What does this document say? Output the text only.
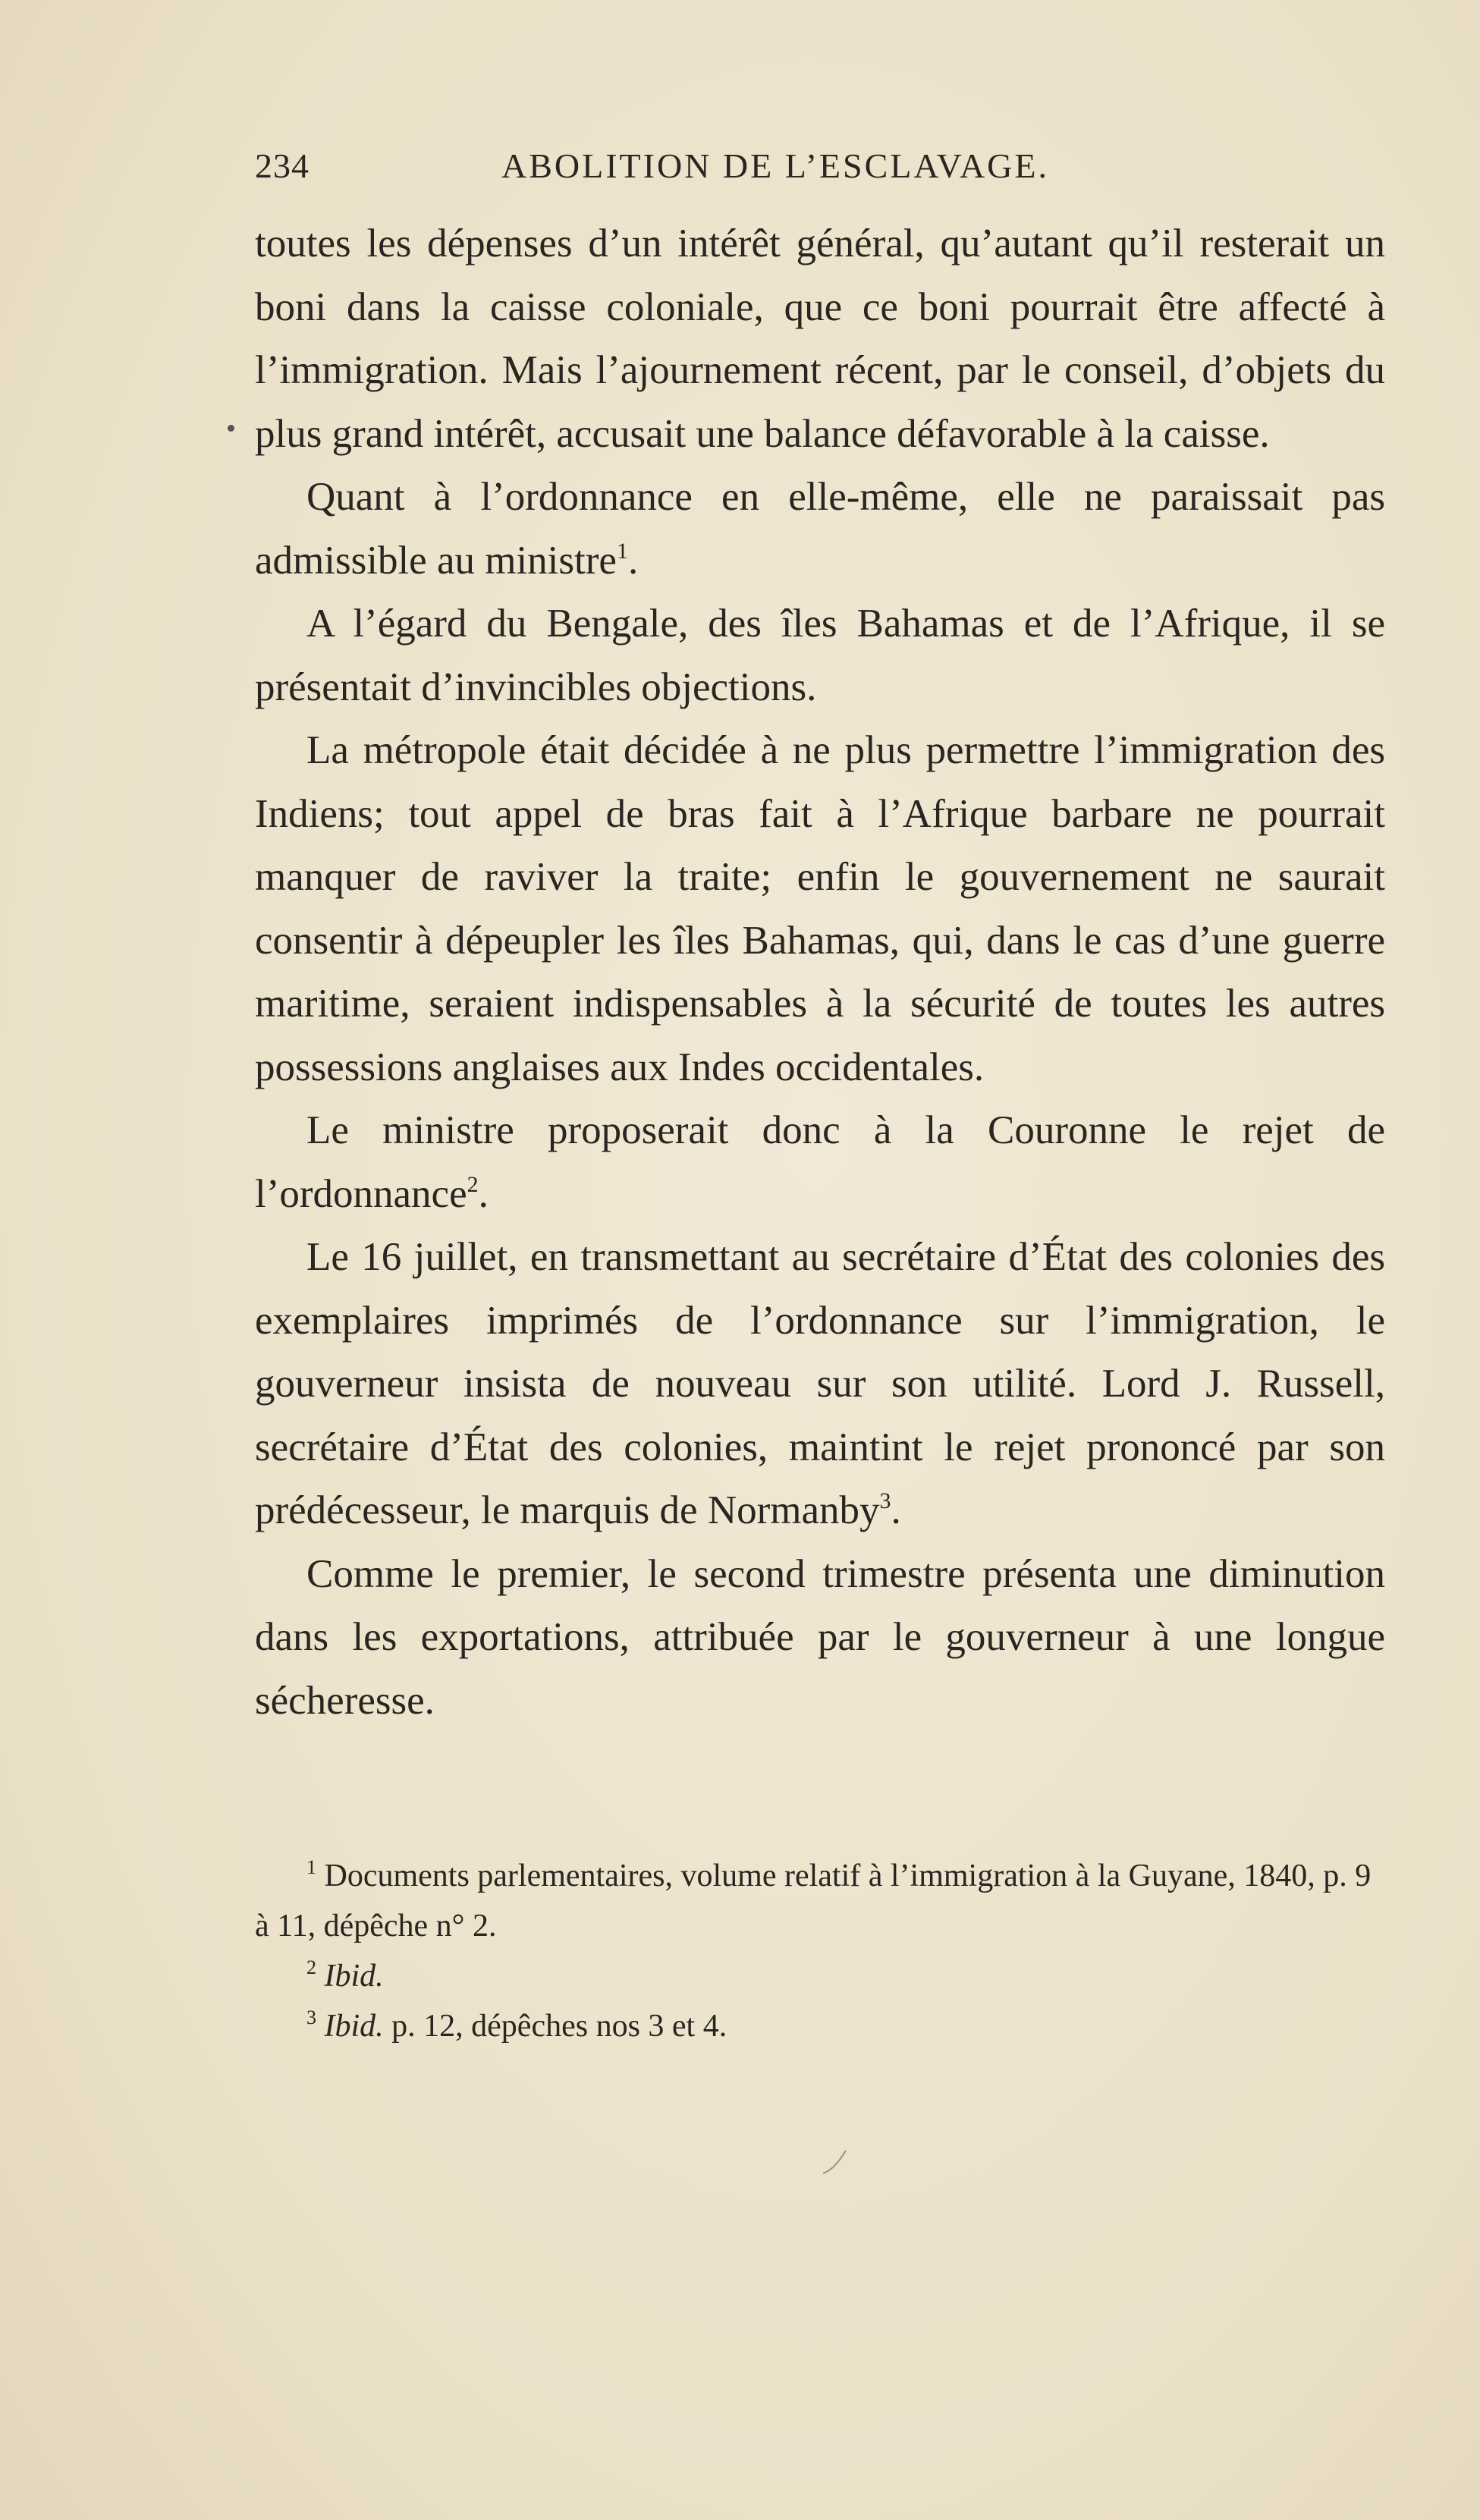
234	ABOLITION DE L’ESCLAVAGE.

toutes les dépenses d’un intérêt général, qu’autant qu’il resterait un boni dans la caisse coloniale, que ce boni pourrait être affecté à l’immigration. Mais l’ajournement récent, par le conseil, d’objets du plus grand intérêt, accusait une balance défavorable à la caisse.

Quant à l’ordonnance en elle-même, elle ne paraissait pas admissible au ministre$^1$.

A l’égard du Bengale, des îles Bahamas et de l’Afrique, il se présentait d’invincibles objections.

La métropole était décidée à ne plus permettre l’immigration des Indiens; tout appel de bras fait à l’Afrique barbare ne pourrait manquer de raviver la traite; enfin le gouvernement ne saurait consentir à dépeupler les îles Bahamas, qui, dans le cas d’une guerre maritime, seraient indispensables à la sécurité de toutes les autres possessions anglaises aux Indes occidentales.

Le ministre proposerait donc à la Couronne le rejet de l’ordonnance$^2$.

Le 16 juillet, en transmettant au secrétaire d’État des colonies des exemplaires imprimés de l’ordonnance sur l’immigration, le gouverneur insista de nouveau sur son utilité. Lord J. Russell, secrétaire d’État des colonies, maintint le rejet prononcé par son prédécesseur, le marquis de Normanby$^3$.

Comme le premier, le second trimestre présenta une diminution dans les exportations, attribuée par le gouverneur à une longue sécheresse.

$^1$ Documents parlementaires, volume relatif à l’immigration à la Guyane, 1840, p. 9 à 11, dépêche n° 2.

$^2$ Ibid.

$^3$ Ibid. p. 12, dépêches nos 3 et 4.
